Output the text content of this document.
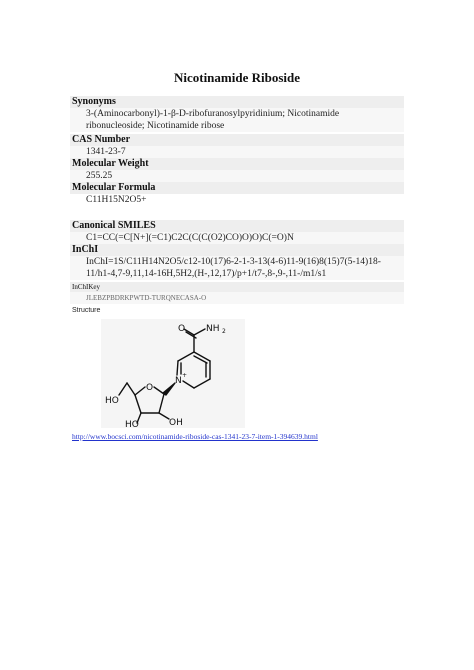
Nicotinamide Riboside
Synonyms
3-(Aminocarbonyl)-1-β-D-ribofuranosylpyridinium; Nicotinamide
ribonucleoside; Nicotinamide ribose
CAS Number
1341-23-7
Molecular Weight
255.25
Molecular Formula
C11H15N2O5+
Canonical SMILES
C1=CC(=C[N+](=C1)C2C(C(C(O2)CO)O)O)C(=O)N
InChI
InChI=1S/C11H14N2O5/c12-10(17)6-2-1-3-13(4-6)11-9(16)8(15)7(5-14)18-
11/h1-4,7-9,11,14-16H,5H2,(H-,12,17)/p+1/t7-,8-,9-,11-/m1/s1
InChIKey
JLEBZPBDRKPWTD-TURQNECASA-O
Structure
O NH 2
N
+
O
HO
HO	OH
http://www.bocsci.com/nicotinamide-riboside-cas-1341-23-7-item-1-394639.html
